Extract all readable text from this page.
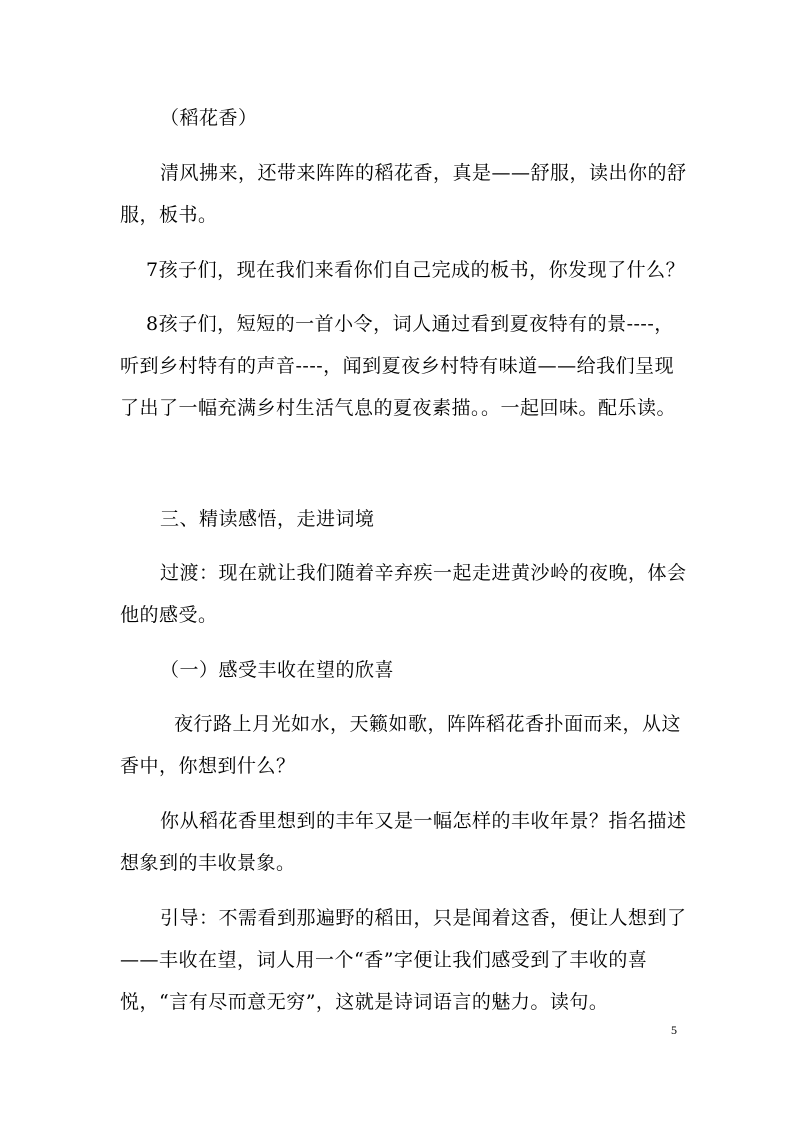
（稻花香）
清风拂来，还带来阵阵的稻花香，真是——舒服，读出你的舒
服，板书。
7孩子们，现在我们来看你们自己完成的板书，你发现了什么？
8孩子们，短短的一首小令，词人通过看到夏夜特有的景----，
听到乡村特有的声音----，闻到夏夜乡村特有味道——给我们呈现
了出了一幅充满乡村生活气息的夏夜素描。。一起回味。配乐读。
三、精读感悟，走进词境
过渡：现在就让我们随着辛弃疾一起走进黄沙岭的夜晚，体会
他的感受。
（一）感受丰收在望的欣喜
夜行路上月光如水，天籁如歌，阵阵稻花香扑面而来，从这
香中，你想到什么？
你从稻花香里想到的丰年又是一幅怎样的丰收年景？指名描述
想象到的丰收景象。
引导：不需看到那遍野的稻田，只是闻着这香，便让人想到了
——丰收在望，词人用一个“香”字便让我们感受到了丰收的喜
悦，“言有尽而意无穷”，这就是诗词语言的魅力。读句。
5
